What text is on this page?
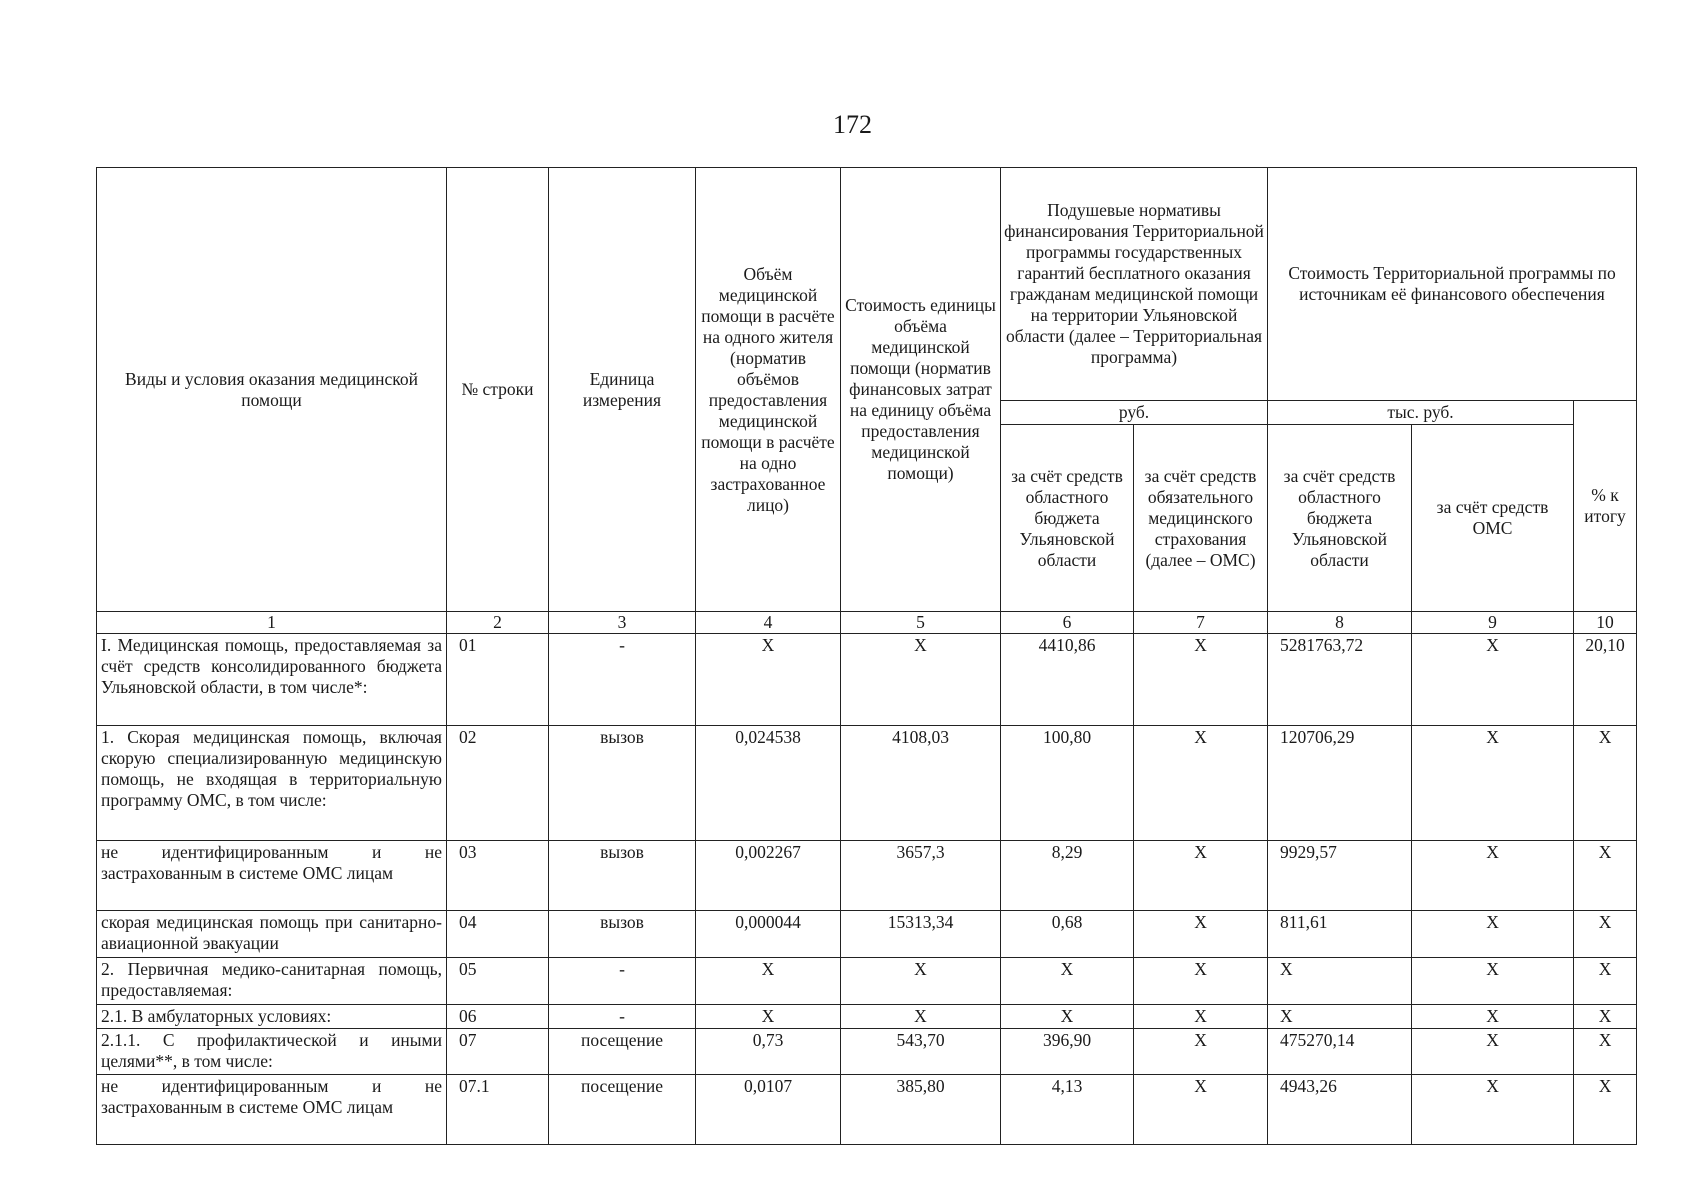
172
Виды и условия оказания медицинской помощи	№ строки	Единица измерения	Объём медицинской помощи в расчёте на одного жителя (норматив объёмов предоставления медицинской помощи в расчёте на одно застрахованное лицо)	Стоимость единицы объёма медицинской помощи (норматив финансовых затрат на единицу объёма предоставления медицинской помощи)	Подушевые нормативы финансирования Территориальной программы государственных гарантий бесплатного оказания гражданам медицинской помощи на территории Ульяновской области (далее – Территориальная программа)		Стоимость Территориальной программы по источникам её финансового обеспечения		
					руб.		тыс. руб.		% к итогу
					за счёт средств областного бюджета Ульяновской области	за счёт средств обязательного медицинского страхования (далее – ОМС)	за счёт средств областного бюджета Ульяновской области	за счёт средств ОМС	
1	2	3	4	5	6	7	8	9	10
I. Медицинская помощь, предоставляемая за счёт средств консолидированного бюджета Ульяновской области, в том числе*:	01	-	X	X	4410,86	X	5281763,72	X	20,10
1. Скорая медицинская помощь, включая скорую специализированную медицинскую помощь, не входящая в территориальную программу ОМС, в том числе:	02	вызов	0,024538	4108,03	100,80	X	120706,29	X	X
не идентифицированным и не застрахованным в системе ОМС лицам	03	вызов	0,002267	3657,3	8,29	X	9929,57	X	X
скорая медицинская помощь при санитарно-авиационной эвакуации	04	вызов	0,000044	15313,34	0,68	X	811,61	X	X
2. Первичная медико-санитарная помощь, предоставляемая:	05	-	X	X	X	X	X	X	X
2.1. В амбулаторных условиях:	06	-	X	X	X	X	X	X	X
2.1.1. С профилактической и иными целями**, в том числе:	07	посещение	0,73	543,70	396,90	X	475270,14	X	X
не идентифицированным и не застрахованным в системе ОМС лицам	07.1	посещение	0,0107	385,80	4,13	X	4943,26	X	X
